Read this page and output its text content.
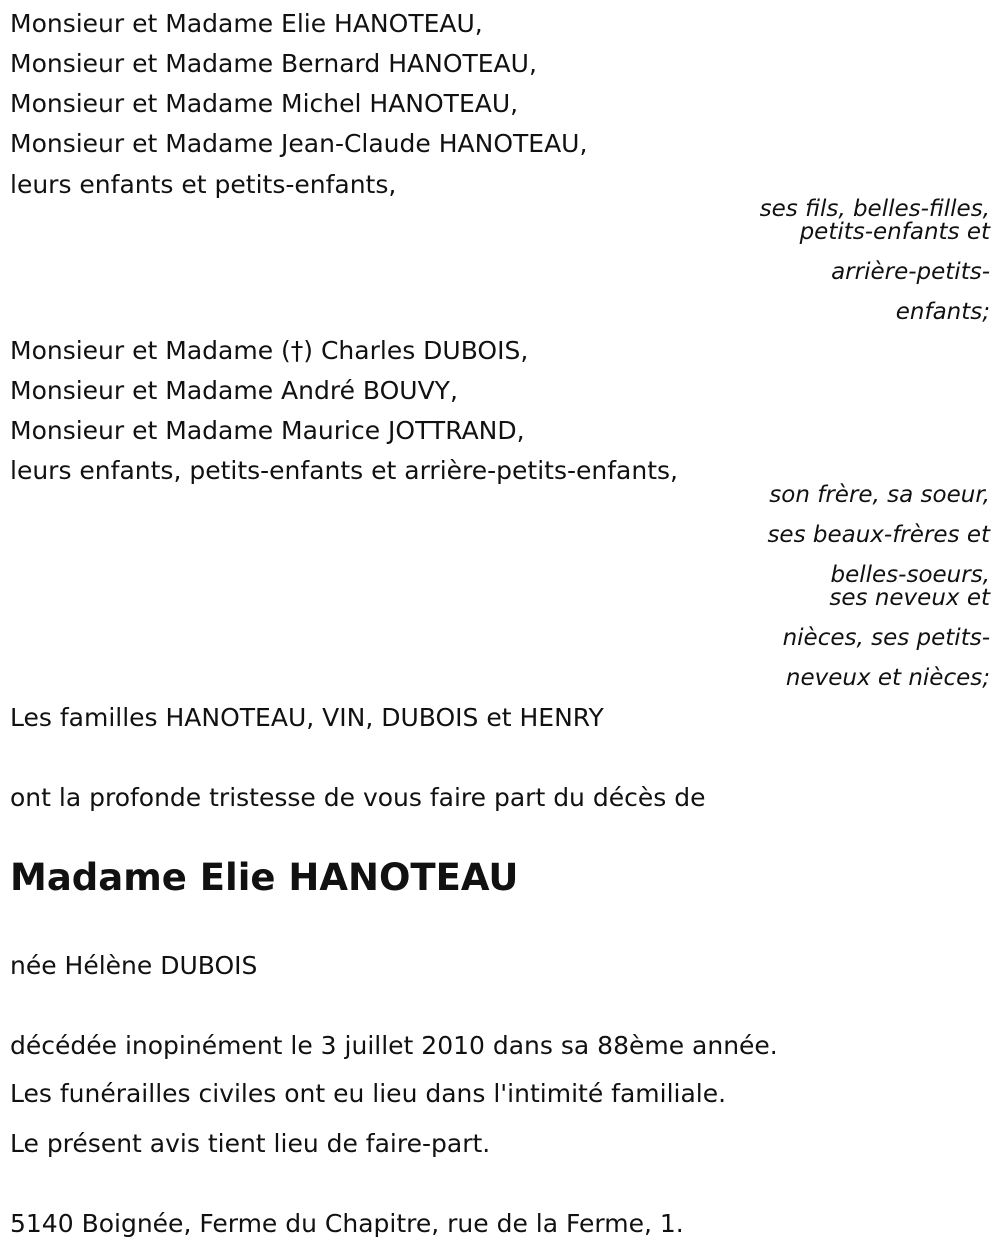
Monsieur et Madame Elie HANOTEAU,
Monsieur et Madame Bernard HANOTEAU,
Monsieur et Madame Michel HANOTEAU,
Monsieur et Madame Jean-Claude HANOTEAU,
leurs enfants et petits-enfants,
ses fils, belles-filles,
petits-enfants et
arrière-petits-
enfants;
Monsieur et Madame (†) Charles DUBOIS,
Monsieur et Madame André BOUVY,
Monsieur et Madame Maurice JOTTRAND,
leurs enfants, petits-enfants et arrière-petits-enfants,
son frère, sa soeur,
ses beaux-frères et
belles-soeurs,
ses neveux et
nièces, ses petits-
neveux et nièces;
Les familles HANOTEAU, VIN, DUBOIS et HENRY
ont la profonde tristesse de vous faire part du décès de
Madame Elie HANOTEAU
née Hélène DUBOIS
décédée inopinément le 3 juillet 2010 dans sa 88ème année.
Les funérailles civiles ont eu lieu dans l'intimité familiale.
Le présent avis tient lieu de faire-part.
5140 Boignée, Ferme du Chapitre, rue de la Ferme, 1.
